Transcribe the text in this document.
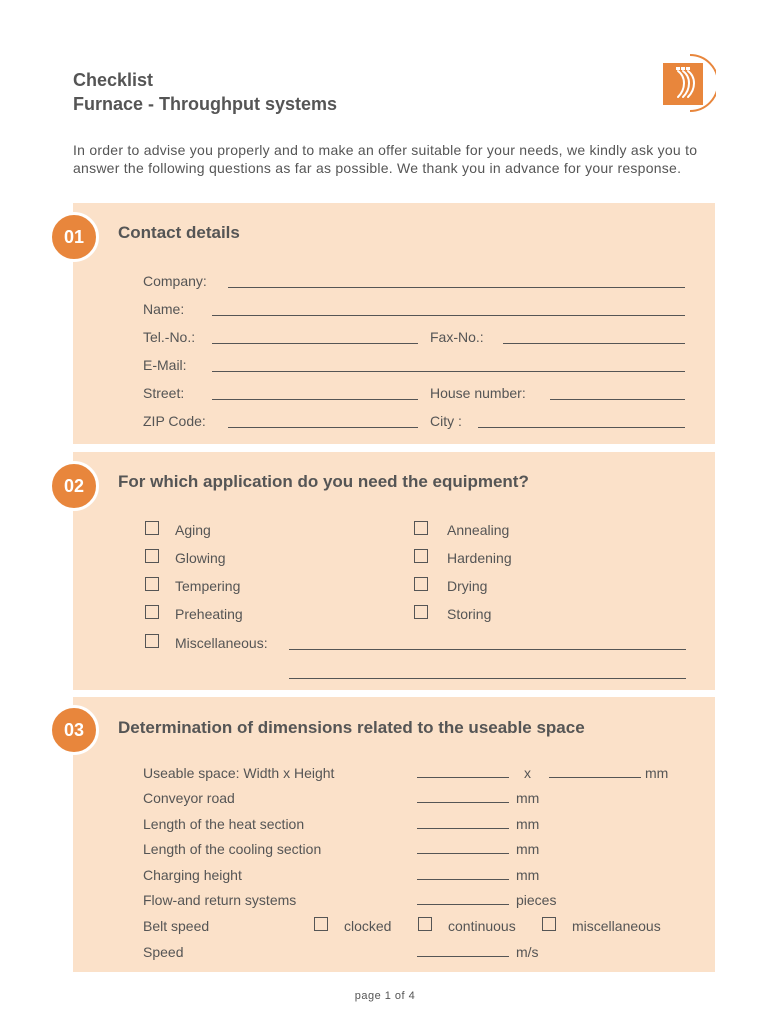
Checklist
Furnace - Throughput systems
In order to advise you properly and to make an offer suitable for your needs, we kindly ask you to answer the following questions as far as possible. We thank you in advance for your response.
01	Contact details
Company:
Name:
Tel.-No.:	Fax-No.:
E-Mail:
Street:	House number:
ZIP Code:	City :
02	For which application do you need the equipment?
Aging	Annealing
Glowing	Hardening
Tempering	Drying
Preheating	Storing
Miscellaneous:
03	Determination of dimensions related to the useable space
Useable space: Width x Height	x	mm
Conveyor road	mm
Length of the heat section	mm
Length of the cooling section	mm
Charging height	mm
Flow-and return systems	pieces
Belt speed	clocked	continuous	miscellaneous
Speed	m/s
page 1 of 4
